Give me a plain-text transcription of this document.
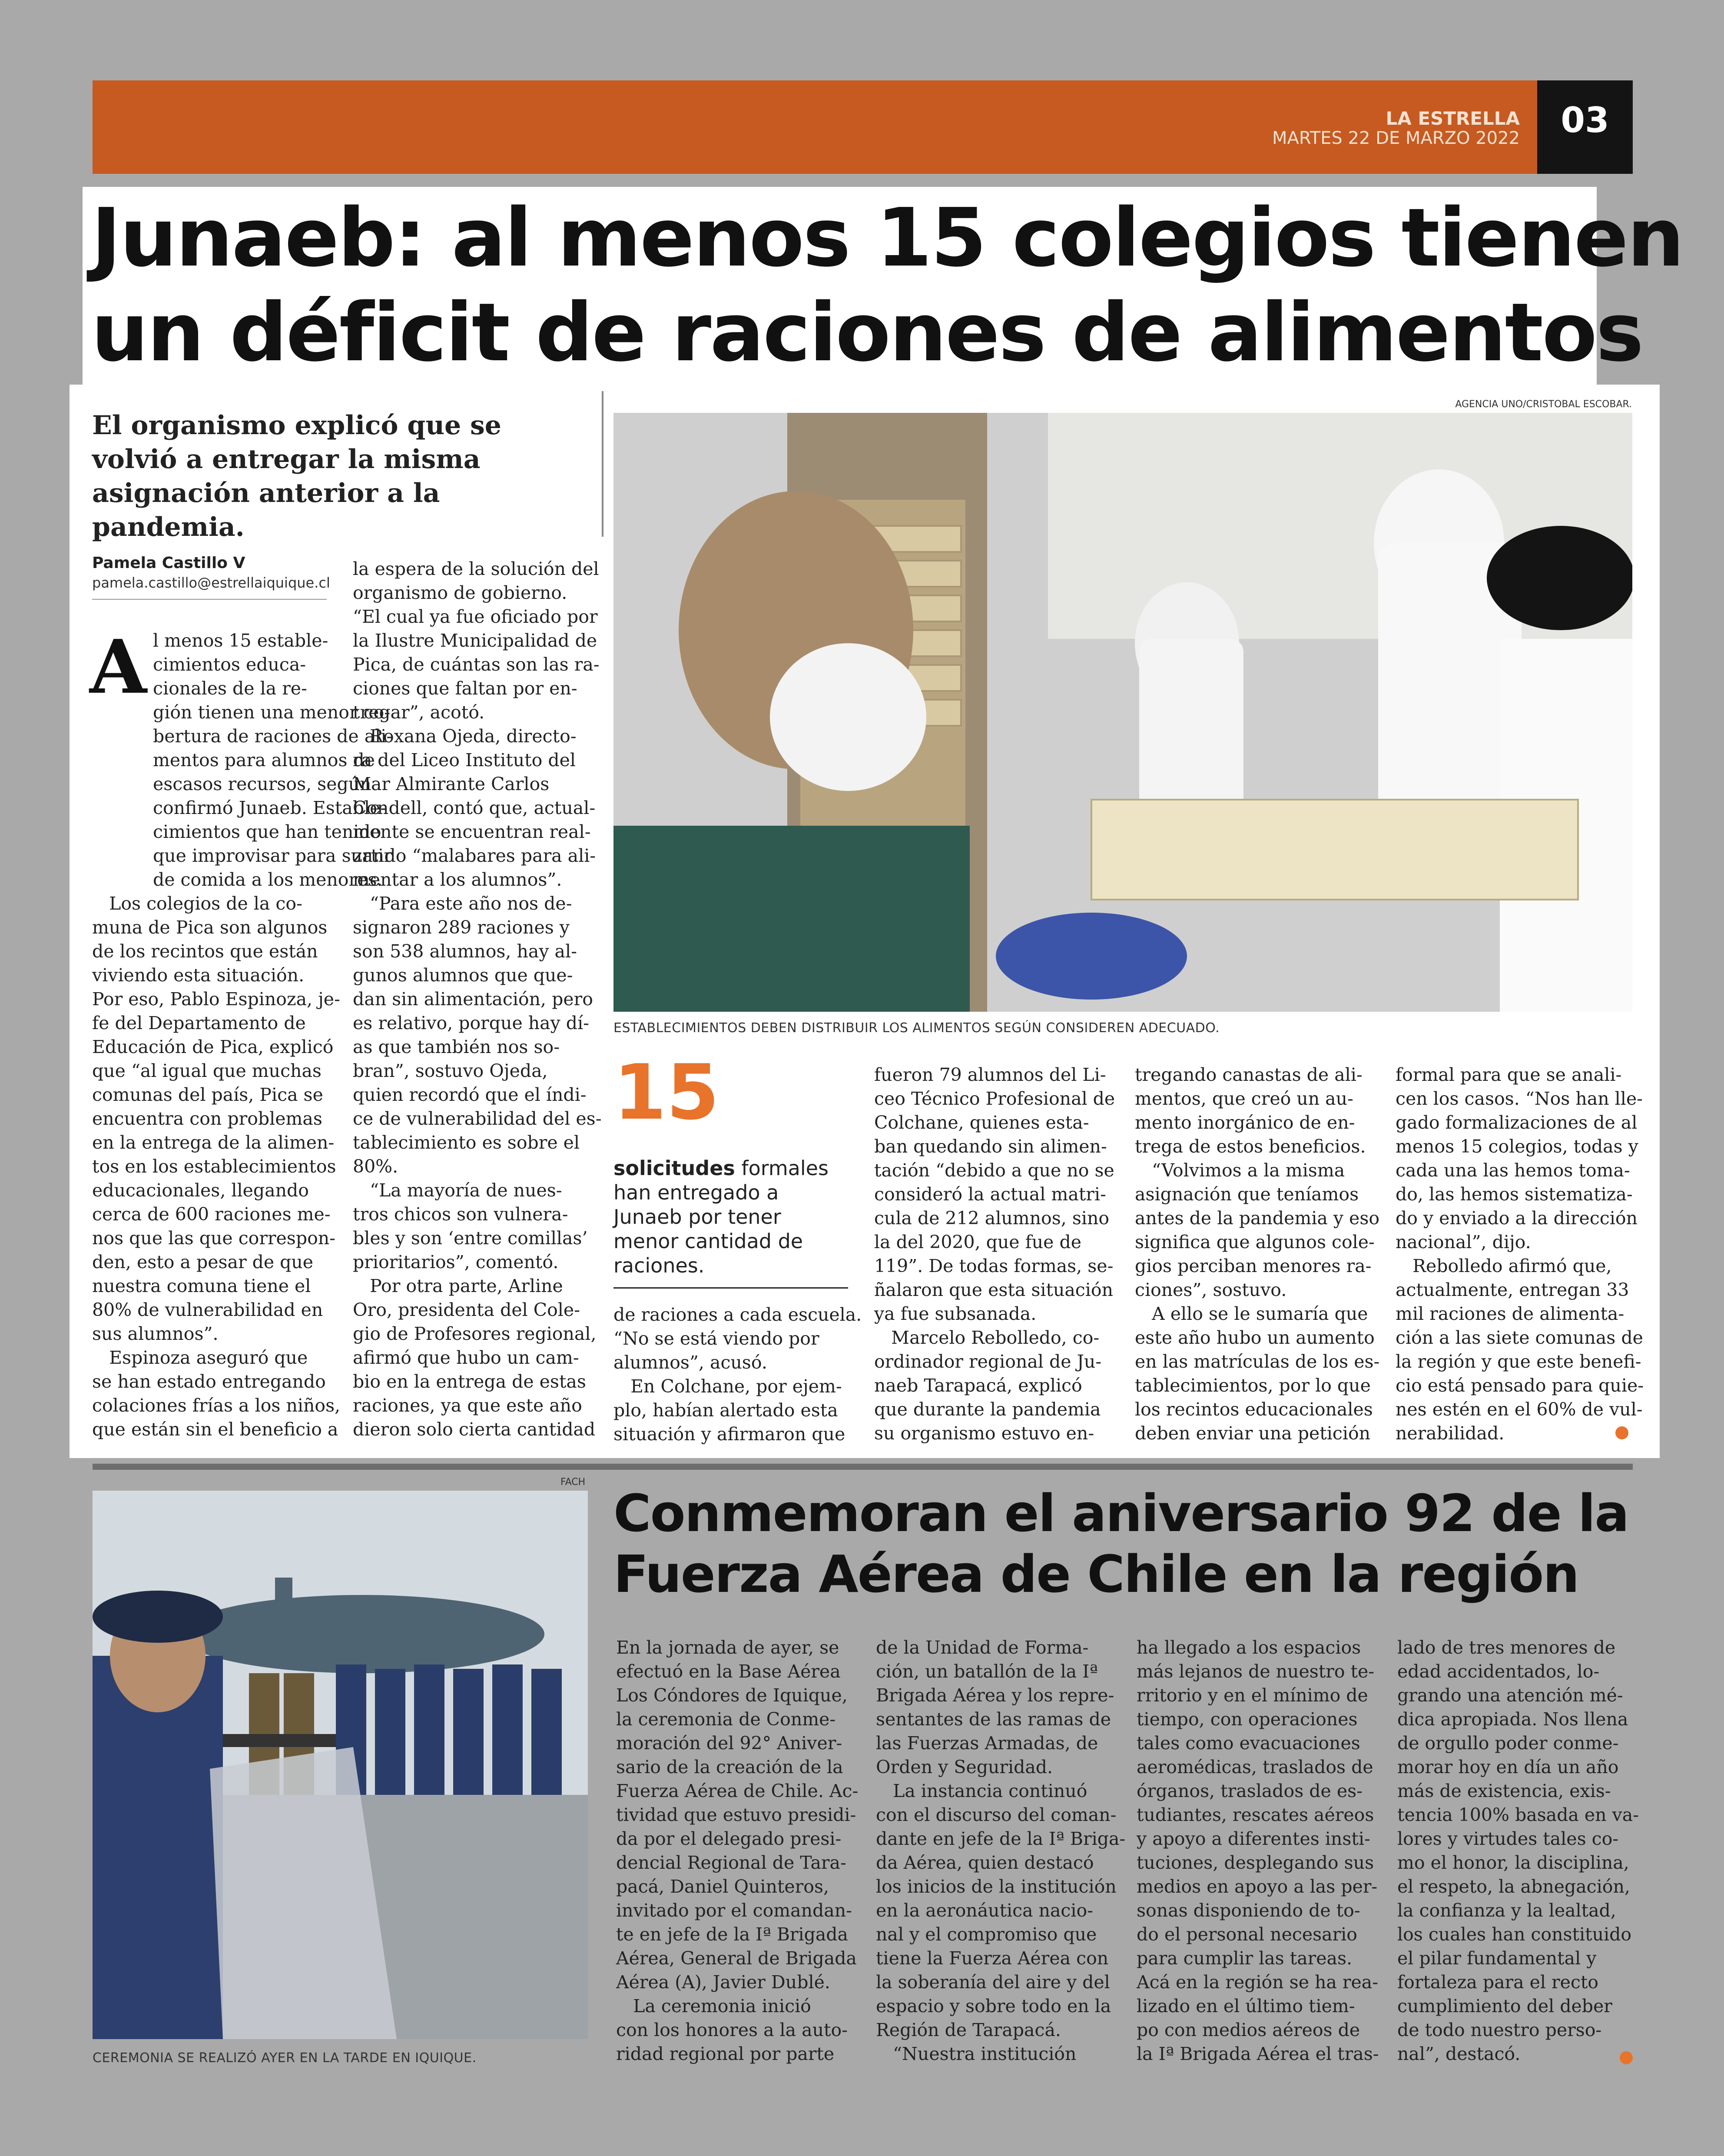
03
LA ESTRELLA
MARTES 22 DE MARZO 2022
Junaeb: al menos 15 colegios tienen
un déficit de raciones de alimentos
El organismo explicó que se volvió a entregar la misma asignación anterior a la pandemia.
Pamela Castillo V
pamela.castillo@estrellaiquique.cl
AGENCIA UNO/CRISTOBAL ESCOBAR.
ESTABLECIMIENTOS DEBEN DISTRIBUIR LOS ALIMENTOS SEGÚN CONSIDEREN ADECUADO.
A l menos 15 estable-
cimientos educa-
cionales de la re-
gión tienen una
bertura de raciones
mentos para alumnos
escasos recursos,
confirmó Junaeb.
cimientos que han
que improvisar para
de comida a los
Los colegios de la co-
muna de Pica son algunos
de los recintos que están
viviendo esta situación.
Por eso, Pablo Espinoza,
fe del Departamento de
Educación de Pica, explicó
que “al igual que muchas
comunas del país, Pica se
encuentra con problemas
en la entrega de la alimen-
tos en los establecimientos
educacionales, llegando
cerca de 600 raciones me-
nos que las que correspon-
den, esto a pesar de que
nuestra comuna tiene el
80% de vulnerabilidad en
sus alumnos”.
Espinoza aseguró que
se han estado entregando
colaciones frías a los niños,
que están sin el beneficio
la espera de la solución del
organismo de gobierno.
“El cual ya fue oficiado por
la Ilustre Municipalidad de
Pica, de cuántas son las ra-
ciones que faltan por en-
tregar”, acotó.
Roxana Ojeda, directo-
ra del Liceo Instituto del
Mar Almirante Carlos
Condell, contó que, actual-
mente se encuentran real-
zando “malabares para ali-
mentar a los alumnos”.
“Para este año nos de-
signaron 289 raciones y
son 538 alumnos, hay al-
gunos alumnos que que-
dan sin alimentación, pero
es relativo, porque hay dí-
as que también nos so-
bran”, sostuvo Ojeda,
quien recordó que el índi-
ce de vulnerabilidad del es-
tablecimiento es sobre el
80%.
“La mayoría de nues-
tros chicos son vulnera-
bles y son ‘entre comillas’
prioritarios”, comentó.
Por otra parte, Arline
Oro, presidenta del Cole-
gio de Profesores regional,
afirmó que hubo un cam-
bio en la entrega de estas
raciones, ya que este año
dieron solo cierta cantidad
15
solicitudes formales han entregado a Junaeb por tener menor cantidad de raciones.
de raciones a cada escuela.
“No se está viendo por
alumnos”, acusó.
En Colchane, por ejem-
plo, habían alertado esta
situación y afirmaron que
fueron 79 alumnos del Li-
ceo Técnico Profesional de
Colchane, quienes esta-
ban quedando sin alimen-
tación “debido a que no se
consideró la actual matri-
cula de 212 alumnos, sino
la del 2020, que fue de
119”. De todas formas, se-
ñalaron que esta situación
ya fue subsanada.
Marcelo Rebolledo, co-
ordinador regional de Ju-
naeb Tarapacá, explicó
que durante la pandemia
su organismo estuvo en-
tregando canastas de ali-
mentos, que creó un au-
mento inorgánico de en-
trega de estos beneficios.
“Volvimos a la misma
asignación que teníamos
antes de la pandemia y eso
significa que algunos cole-
gios perciban menores ra-
ciones”, sostuvo.
A ello se le sumaría que
este año hubo un aumento
en las matrículas de los es-
tablecimientos, por lo que
los recintos educacionales
deben enviar una petición
formal para que se anali-
cen los casos. “Nos han lle-
gado formalizaciones de al
menos 15 colegios, todas
cada una las hemos toma-
do, las hemos sistematiza-
do y enviado a la dirección
nacional”, dijo.
Rebolledo afirmó que,
actualmente, entregan 33
mil raciones de alimenta-
ción a las siete comunas de
la región y que este benefi-
cio está pensado para quie-
nes estén en el 60% de vul-
nerabilidad.
FACH
CEREMONIA SE REALIZÓ AYER EN LA TARDE EN IQUIQUE.
Conmemoran el aniversario 92 de la
Fuerza Aérea de Chile en la región
En la jornada de ayer, se
efectuó en la Base Aérea
Los Cóndores de Iquique,
la ceremonia de Conme-
moración del 92° Aniver-
sario de la creación de la
Fuerza Aérea de Chile. Ac-
tividad que estuvo presidi-
da por el delegado presi-
dencial Regional de Tara-
pacá, Daniel Quinteros,
invitado por el comandan-
te en jefe de la Iª Brigada
Aérea, General de Brigada
Aérea (A), Javier Dublé.
La ceremonia inició
con los honores a la auto-
ridad regional por parte
de la Unidad de Forma-
ción, un batallón de la Iª
Brigada Aérea y los repre-
sentantes de las ramas de
las Fuerzas Armadas, de
Orden y Seguridad.
La instancia continuó
con el discurso del coman-
dante en jefe de la Iª Briga-
da Aérea, quien destacó
los inicios de la institución
en la aeronáutica nacio-
nal y el compromiso que
tiene la Fuerza Aérea con
la soberanía del aire y del
espacio y sobre todo en la
Región de Tarapacá.
“Nuestra institución
ha llegado a los espacios
más lejanos de nuestro te-
rritorio y en el mínimo de
tiempo, con operaciones
tales como evacuaciones
aeromédicas, traslados de
órganos, traslados de es-
tudiantes, rescates aéreos
y apoyo a diferentes insti-
tuciones, desplegando sus
medios en apoyo a las per-
sonas disponiendo de to-
do el personal necesario
para cumplir las tareas.
Acá en la región se ha rea-
lizado en el último tiem-
po con medios aéreos de
la Iª Brigada Aérea el tras-
lado de tres menores de
edad accidentados, lo-
grando una atención mé-
dica apropiada. Nos llena
de orgullo poder conme-
morar hoy en día un año
más de existencia, exis-
tencia 100% basada en va-
lores y virtudes tales co-
mo el honor, la disciplina,
el respeto, la abnegación,
la confianza y la lealtad,
los cuales han constituido
el pilar fundamental y
fortaleza para el recto
cumplimiento del deber
de todo nuestro perso-
nal”, destacó.
